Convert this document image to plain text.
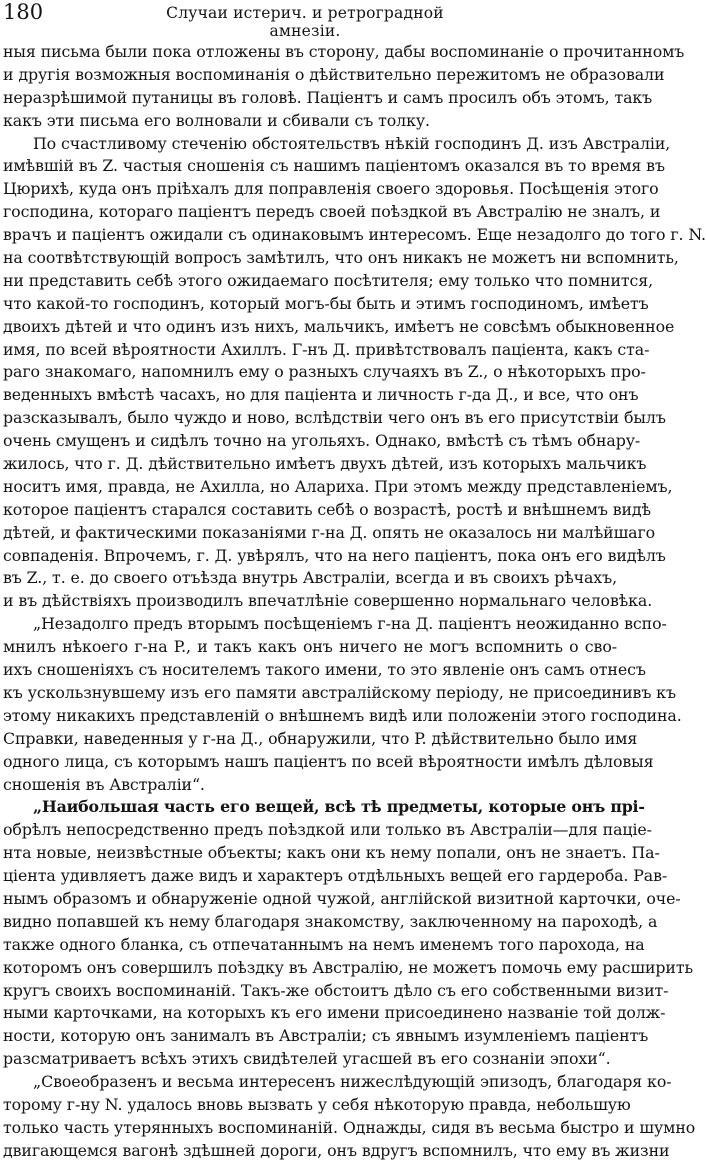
180	Случаи истерич. и ретроградной амнезіи.
ныя письма были пока отложены въ сторону, дабы воспоминаніе о прочитанномъ
и другія возможныя воспоминанія о дѣйствительно пережитомъ не образовали
неразрѣшимой путаницы въ головѣ. Паціентъ и самъ просилъ объ этомъ, такъ
какъ эти письма его волновали и сбивали съ толку.
По счастливому стеченію обстоятельствъ нѣкій господинъ Д. изъ Австраліи,
имѣвшій въ Z. частыя сношенія съ нашимъ паціентомъ оказался въ то время въ
Цюрихѣ, куда онъ пріѣхалъ для поправленія своего здоровья. Посѣщенія этого
господина, котораго паціентъ передъ своей поѣздкой въ Австралію не зналъ, и
врачъ и паціентъ ожидали съ одинаковымъ интересомъ. Еще незадолго до того г. N.
на соотвѣтствующій вопросъ замѣтилъ, что онъ никакъ не можетъ ни вспомнить,
ни представить себѣ этого ожидаемаго посѣтителя; ему только что помнится,
что какой-то господинъ, который могъ-бы быть и этимъ господиномъ, имѣетъ
двоихъ дѣтей и что одинъ изъ нихъ, мальчикъ, имѣетъ не совсѣмъ обыкновенное
имя, по всей вѣроятности Ахиллъ. Г-нъ Д. привѣтствовалъ паціента, какъ ста-
раго знакомаго, напомнилъ ему о разныхъ случаяхъ въ Z., о нѣкоторыхъ про-
веденныхъ вмѣстѣ часахъ, но для паціента и личность г-да Д., и все, что онъ
разсказывалъ, было чуждо и ново, вслѣдствіи чего онъ въ его присутствіи былъ
очень смущенъ и сидѣлъ точно на угольяхъ. Однако, вмѣстѣ съ тѣмъ обнару-
жилось, что г. Д. дѣйствительно имѣетъ двухъ дѣтей, изъ которыхъ мальчикъ
носитъ имя, правда, не Ахилла, но Алариха. При этомъ между представленіемъ,
которое паціентъ старался составить себѣ о возрастѣ, ростѣ и внѣшнемъ видѣ
дѣтей, и фактическими показаніями г-на Д. опять не оказалось ни малѣйшаго
совпаденія. Впрочемъ, г. Д. увѣрялъ, что на него паціентъ, пока онъ его видѣлъ
въ Z., т. е. до своего отъѣзда внутрь Австраліи, всегда и въ своихъ рѣчахъ,
и въ дѣйствіяхъ производилъ впечатлѣніе совершенно нормальнаго человѣка.
„Незадолго предъ вторымъ посѣщеніемъ г-на Д. паціентъ неожиданно вспо-
мнилъ нѣкоего г-на P., и такъ какъ онъ ничего не могъ вспомнить о сво-
ихъ сношеніяхъ съ носителемъ такого имени, то это явленіе онъ самъ отнесъ
къ ускользнувшему изъ его памяти австралійскому періоду, не присоединивъ къ
этому никакихъ представленій о внѣшнемъ видѣ или положеніи этого господина.
Справки, наведенныя у г-на Д., обнаружили, что P. дѣйствительно было имя
одного лица, съ которымъ нашъ паціентъ по всей вѣроятности имѣлъ дѣловыя
сношенія въ Австраліи“.
„Наибольшая часть его вещей, всѣ тѣ предметы, которые онъ прі-
обрѣлъ непосредственно предъ поѣздкой или только въ Австраліи—для паціе-
нта новые, неизвѣстные объекты; какъ они къ нему попали, онъ не знаетъ. Па-
ціента удивляетъ даже видъ и характеръ отдѣльныхъ вещей его гардероба. Рав-
нымъ образомъ и обнаруженіе одной чужой, англійской визитной карточки, оче-
видно попавшей къ нему благодаря знакомству, заключенному на пароходѣ, а
также одного бланка, съ отпечатаннымъ на немъ именемъ того парохода, на
которомъ онъ совершилъ поѣздку въ Австралію, не можетъ помочь ему расширить
кругъ своихъ воспоминаній. Такъ-же обстоитъ дѣло съ его собственными визит-
ными карточками, на которыхъ къ его имени присоединено названіе той долж-
ности, которую онъ занималъ въ Австраліи; съ явнымъ изумленіемъ паціентъ
разсматриваетъ всѣхъ этихъ свидѣтелей угасшей въ его сознаніи эпохи“.
„Своеобразенъ и весьма интересенъ нижеслѣдующій эпизодъ, благодаря ко-
торому г-ну N. удалось вновь вызвать у себя нѣкоторую правда, небольшую
только часть утерянныхъ воспоминаній. Однажды, сидя въ весьма быстро и шумно
двигающемся вагонѣ здѣшней дороги, онъ вдругъ вспомнилъ, что ему въ жизни
